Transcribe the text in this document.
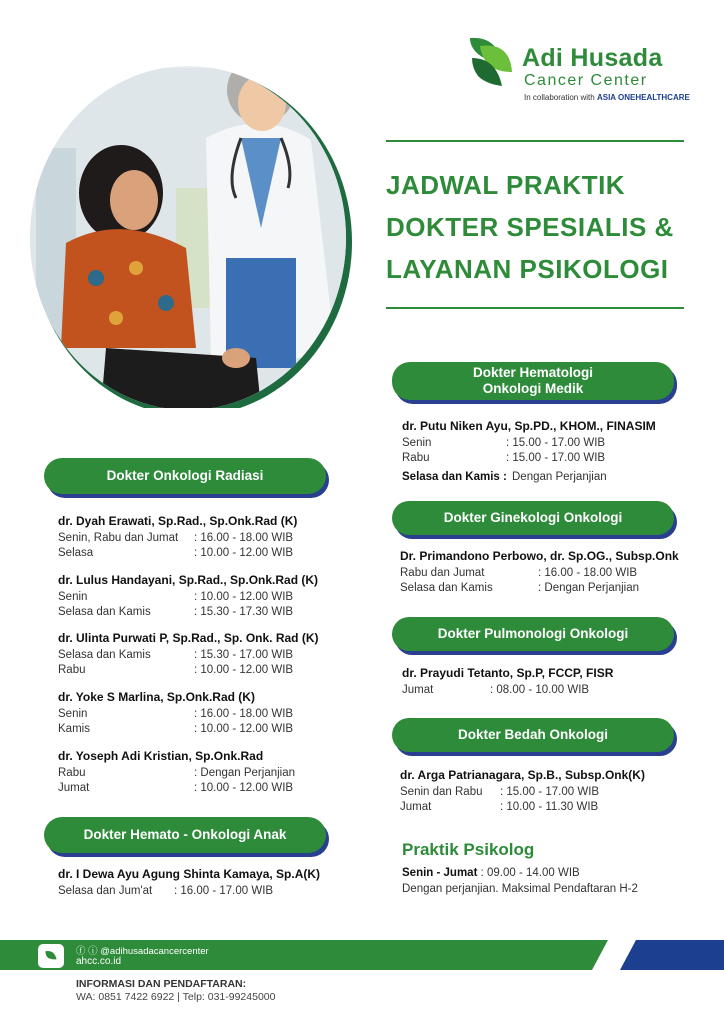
Adi Husada
Cancer Center
In collaboration with ASIA ONEHEALTHCARE
JADWAL PRAKTIK
DOKTER SPESIALIS &
LAYANAN PSIKOLOGI
Dokter Onkologi Radiasi
dr. Dyah Erawati, Sp.Rad., Sp.Onk.Rad (K)
Senin, Rabu dan Jumat	: 16.00 - 18.00 WIB
Selasa	: 10.00 - 12.00 WIB
dr. Lulus Handayani, Sp.Rad., Sp.Onk.Rad (K)
Senin	: 10.00 - 12.00 WIB
Selasa dan Kamis	: 15.30 - 17.30 WIB
dr. Ulinta Purwati P, Sp.Rad., Sp. Onk. Rad (K)
Selasa dan Kamis	: 15.30 - 17.00 WIB
Rabu	: 10.00 - 12.00 WIB
dr. Yoke S Marlina, Sp.Onk.Rad (K)
Senin	: 16.00 - 18.00 WIB
Kamis	: 10.00 - 12.00 WIB
dr. Yoseph Adi Kristian, Sp.Onk.Rad
Rabu	: Dengan Perjanjian
Jumat	: 10.00 - 12.00 WIB
Dokter Hemato - Onkologi Anak
dr. I Dewa Ayu Agung Shinta Kamaya, Sp.A(K)
Selasa dan Jum'at	: 16.00 - 17.00 WIB
Dokter Hematologi
Onkologi Medik
dr. Putu Niken Ayu, Sp.PD., KHOM., FINASIM
Senin	: 15.00 - 17.00 WIB
Rabu	: 15.00 - 17.00 WIB
Selasa dan Kamis : Dengan Perjanjian
Dokter Ginekologi Onkologi
Dr. Primandono Perbowo, dr. Sp.OG., Subsp.Onk
Rabu dan Jumat	: 16.00 - 18.00 WIB
Selasa dan Kamis	: Dengan Perjanjian
Dokter Pulmonologi Onkologi
dr. Prayudi Tetanto, Sp.P, FCCP, FISR
Jumat	: 08.00 - 10.00 WIB
Dokter Bedah Onkologi
dr. Arga Patrianagara, Sp.B., Subsp.Onk(K)
Senin dan Rabu	: 15.00 - 17.00 WIB
Jumat	: 10.00 - 11.30 WIB
Praktik Psikolog
Senin - Jumat : 09.00 - 14.00 WIB
Dengan perjanjian. Maksimal Pendaftaran H-2
ⓕ ⓘ @adihusadacancercenter
ahcc.co.id
INFORMASI DAN PENDAFTARAN:
WA: 0851 7422 6922 | Telp: 031-99245000
